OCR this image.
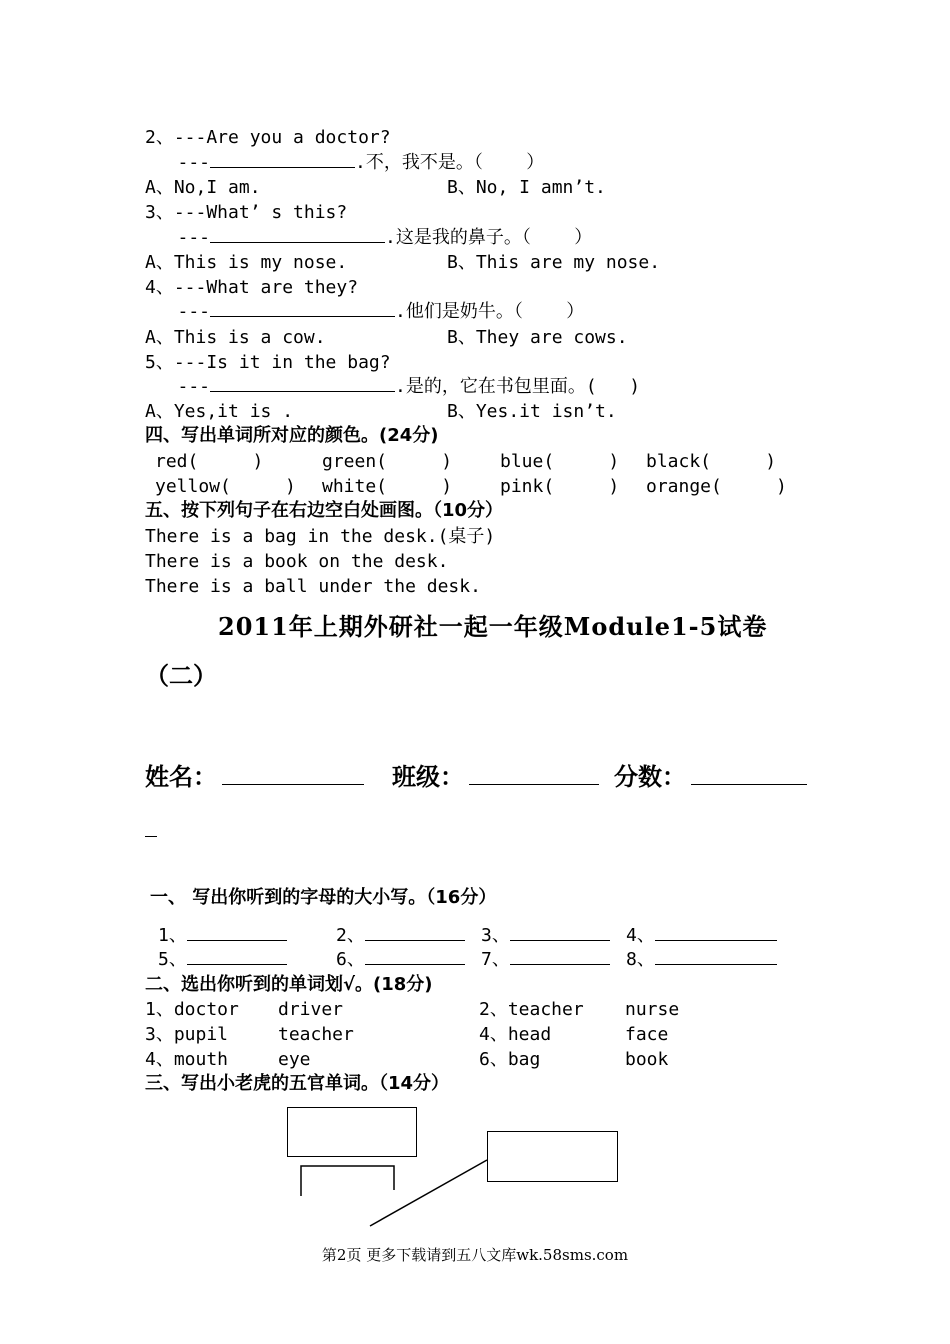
2、---Are you a doctor?
---	.不，我不是。（    ）
A、No,I am.	B、No, I amn’t.
3、---What’ s this?
---	.这是我的鼻子。（    ）
A、This is my nose.	B、This are my nose.
4、---What are they?
---	.他们是奶牛。（    ）
A、This is a cow.	B、They are cows.
5、---Is it in the bag?
---	.是的，它在书包里面。(   )
A、Yes,it is .	B、Yes.it isn’t.
四、写出单词所对应的颜色。(24分)
red(     )	green(     )	blue(     ) black(     )
yellow(     ) white(     )	pink(     ) orange(     )
五、按下列句子在右边空白处画图。（10分）
There is a bag in the desk.(桌子)
There is a book on the desk.
There is a ball under the desk.
2011年上期外研社一起一年级Module1-5试卷
（二）
姓名：	班级：	分数：
一、 写出你听到的字母的大小写。（16分）
1、	2、	3、	4、
5、	6、	7、	8、
二、选出你听到的单词划√。(18分)
1、doctor driver	2、teacher nurse
3、pupil	teacher	4、head	face
4、mouth	eye	6、bag	book
三、写出小老虎的五官单词。（14分）
第2页 更多下载请到五八文库wk.58sms.com
